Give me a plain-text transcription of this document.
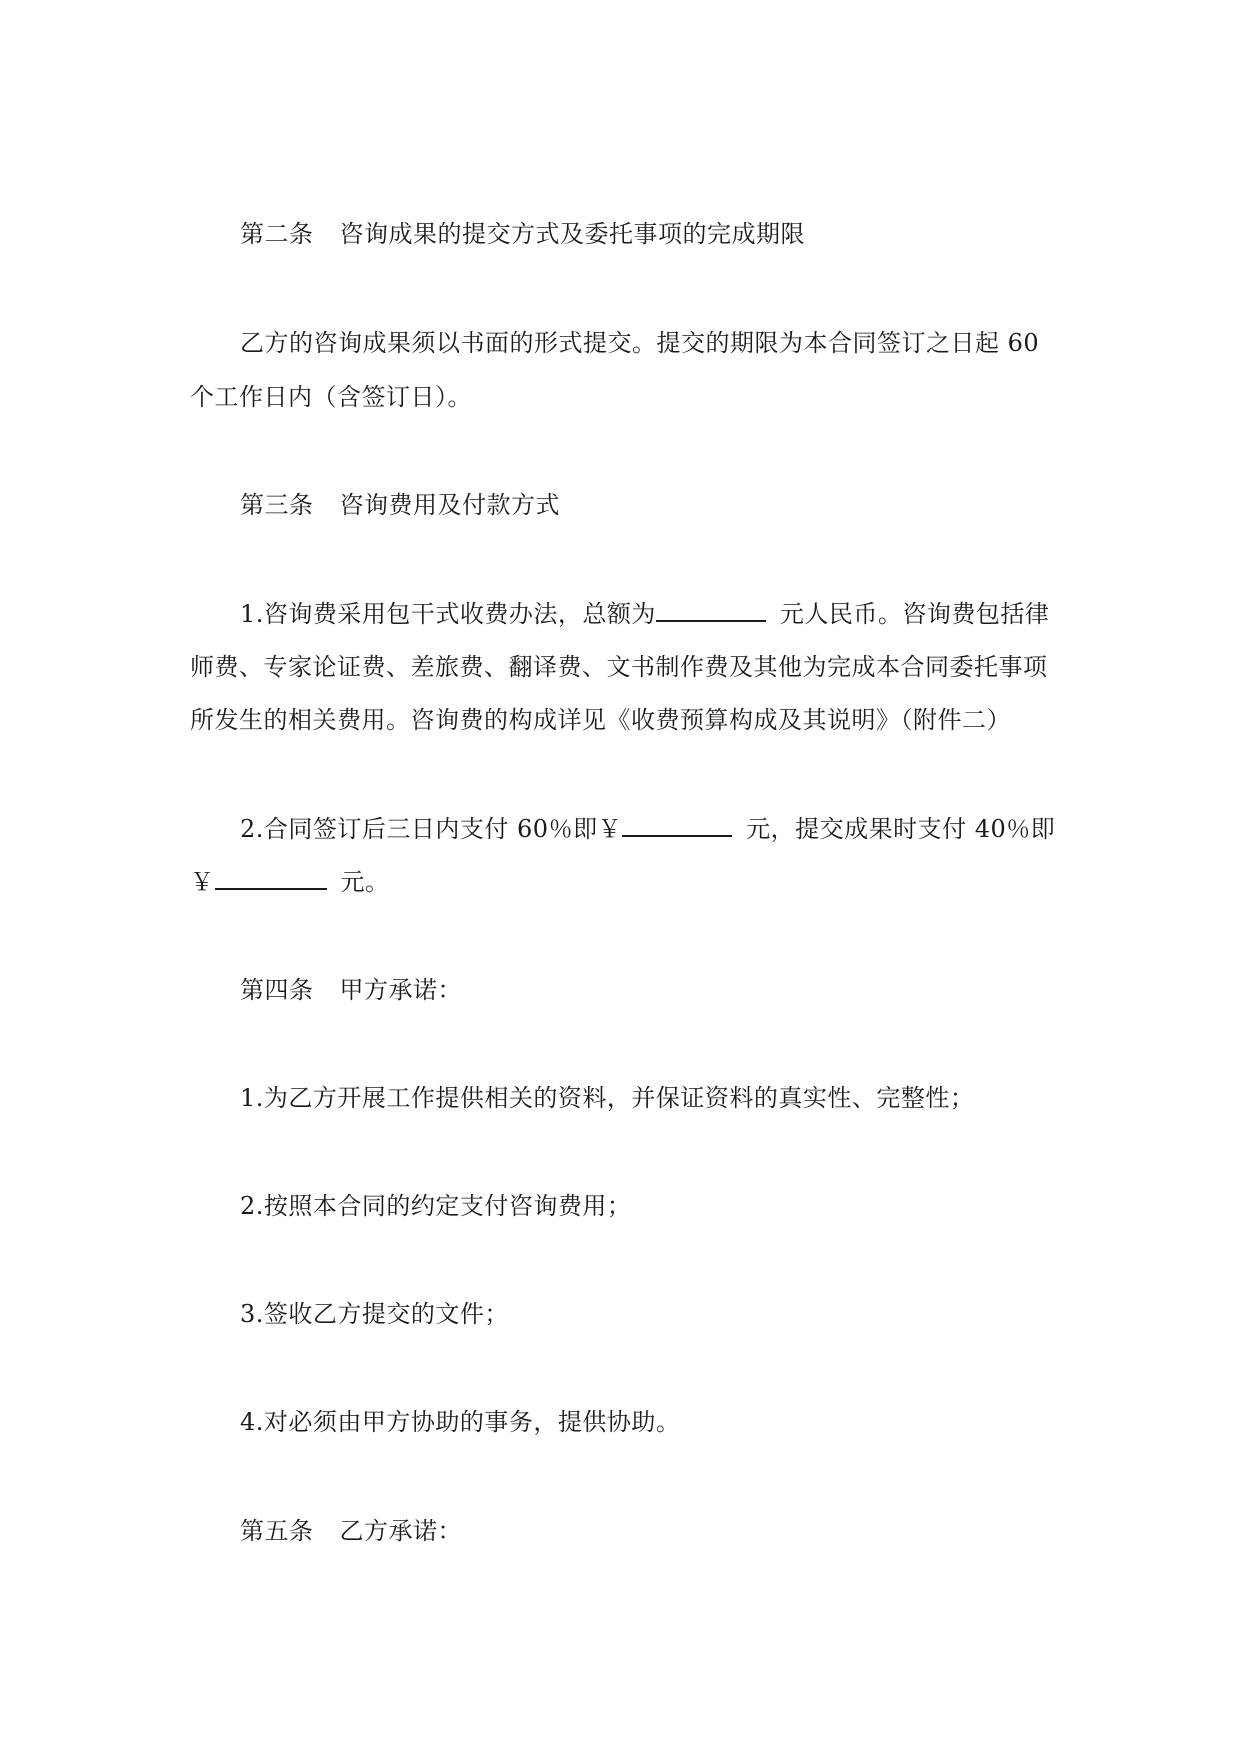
第二条 咨询成果的提交方式及委托事项的完成期限
乙方的咨询成果须以书面的形式提交。提交的期限为本合同签订之日起 60
个工作日内（含签订日）。
第三条 咨询费用及付款方式
1.咨询费采用包干式收费办法，总额为	元人民币。咨询费包括律
师费、专家论证费、差旅费、翻译费、文书制作费及其他为完成本合同委托事项
所发生的相关费用。咨询费的构成详见《收费预算构成及其说明》（附件二）
2.合同签订后三日内支付 60％即￥	元，提交成果时支付 40％即
￥	元。
第四条 甲方承诺：
1.为乙方开展工作提供相关的资料，并保证资料的真实性、完整性；
2.按照本合同的约定支付咨询费用；
3.签收乙方提交的文件；
4.对必须由甲方协助的事务，提供协助。
第五条 乙方承诺：
